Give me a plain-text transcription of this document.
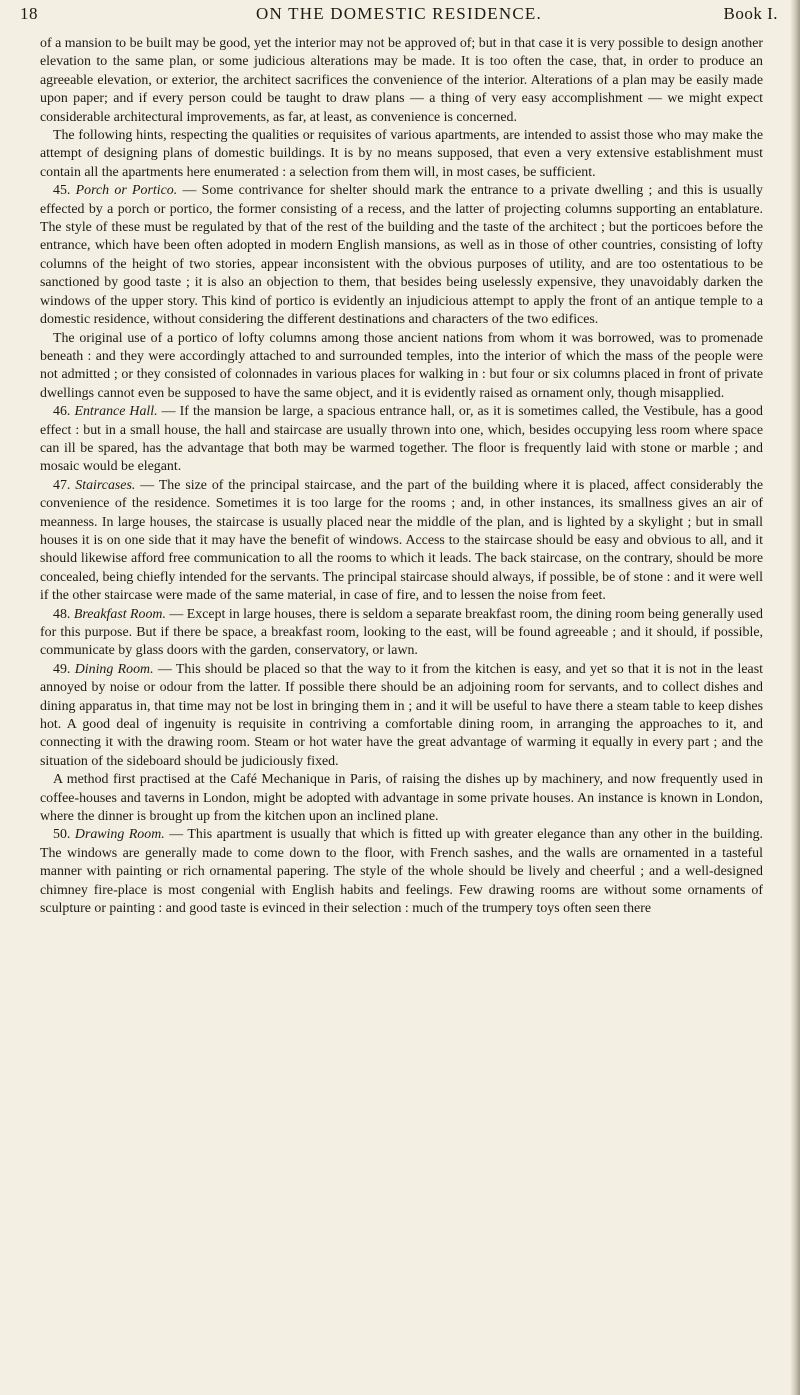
18	ON THE DOMESTIC RESIDENCE.	Book I.

of a mansion to be built may be good, yet the interior may not be approved of; but in that case it is very possible to design another elevation to the same plan, or some judicious alterations may be made. It is too often the case, that, in order to produce an agreeable elevation, or exterior, the architect sacrifices the convenience of the interior. Alterations of a plan may be easily made upon paper; and if every person could be taught to draw plans — a thing of very easy accomplishment — we might expect considerable architectural improvements, as far, at least, as convenience is concerned.

The following hints, respecting the qualities or requisites of various apartments, are intended to assist those who may make the attempt of designing plans of domestic buildings. It is by no means supposed, that even a very extensive establishment must contain all the apartments here enumerated : a selection from them will, in most cases, be sufficient.

45. Porch or Portico. — Some contrivance for shelter should mark the entrance to a private dwelling ; and this is usually effected by a porch or portico, the former consisting of a recess, and the latter of projecting columns supporting an entablature. The style of these must be regulated by that of the rest of the building and the taste of the architect ; but the porticoes before the entrance, which have been often adopted in modern English mansions, as well as in those of other countries, consisting of lofty columns of the height of two stories, appear inconsistent with the obvious purposes of utility, and are too ostentatious to be sanctioned by good taste ; it is also an objection to them, that besides being uselessly expensive, they unavoidably darken the windows of the upper story. This kind of portico is evidently an injudicious attempt to apply the front of an antique temple to a domestic residence, without considering the different destinations and characters of the two edifices.

The original use of a portico of lofty columns among those ancient nations from whom it was borrowed, was to promenade beneath : and they were accordingly attached to and surrounded temples, into the interior of which the mass of the people were not admitted ; or they consisted of colonnades in various places for walking in : but four or six columns placed in front of private dwellings cannot even be supposed to have the same object, and it is evidently raised as ornament only, though misapplied.

46. Entrance Hall. — If the mansion be large, a spacious entrance hall, or, as it is sometimes called, the Vestibule, has a good effect : but in a small house, the hall and staircase are usually thrown into one, which, besides occupying less room where space can ill be spared, has the advantage that both may be warmed together. The floor is frequently laid with stone or marble ; and mosaic would be elegant.

47. Staircases. — The size of the principal staircase, and the part of the building where it is placed, affect considerably the convenience of the residence. Sometimes it is too large for the rooms ; and, in other instances, its smallness gives an air of meanness. In large houses, the staircase is usually placed near the middle of the plan, and is lighted by a skylight ; but in small houses it is on one side that it may have the benefit of windows. Access to the staircase should be easy and obvious to all, and it should likewise afford free communication to all the rooms to which it leads. The back staircase, on the contrary, should be more concealed, being chiefly intended for the servants. The principal staircase should always, if possible, be of stone : and it were well if the other staircase were made of the same material, in case of fire, and to lessen the noise from feet.

48. Breakfast Room. — Except in large houses, there is seldom a separate breakfast room, the dining room being generally used for this purpose. But if there be space, a breakfast room, looking to the east, will be found agreeable ; and it should, if possible, communicate by glass doors with the garden, conservatory, or lawn.

49. Dining Room. — This should be placed so that the way to it from the kitchen is easy, and yet so that it is not in the least annoyed by noise or odour from the latter. If possible there should be an adjoining room for servants, and to collect dishes and dining apparatus in, that time may not be lost in bringing them in ; and it will be useful to have there a steam table to keep dishes hot. A good deal of ingenuity is requisite in contriving a comfortable dining room, in arranging the approaches to it, and connecting it with the drawing room. Steam or hot water have the great advantage of warming it equally in every part ; and the situation of the sideboard should be judiciously fixed.

A method first practised at the Café Mechanique in Paris, of raising the dishes up by machinery, and now frequently used in coffee-houses and taverns in London, might be adopted with advantage in some private houses. An instance is known in London, where the dinner is brought up from the kitchen upon an inclined plane.

50. Drawing Room. — This apartment is usually that which is fitted up with greater elegance than any other in the building. The windows are generally made to come down to the floor, with French sashes, and the walls are ornamented in a tasteful manner with painting or rich ornamental papering. The style of the whole should be lively and cheerful ; and a well-designed chimney fire-place is most congenial with English habits and feelings. Few drawing rooms are without some ornaments of sculpture or painting : and good taste is evinced in their selection : much of the trumpery toys often seen there
